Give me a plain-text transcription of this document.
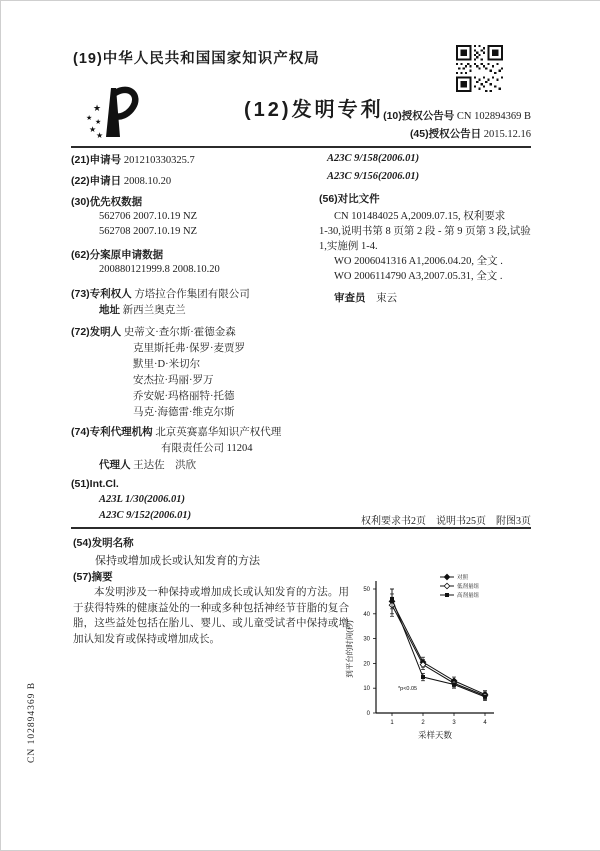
(19)中华人民共和国国家知识产权局
★
★ ★
★
★
(12)发明专利 (10)授权公告号 CN 102894369 B
(45)授权公告日 2015.12.16
(21)申请号 201210330325.7
(22)申请日 2008.10.20
(30)优先权数据
562706 2007.10.19 NZ
562708 2007.10.19 NZ
(62)分案原申请数据
200880121999.8 2008.10.20
(73)专利权人 方塔拉合作集团有限公司
地址 新西兰奥克兰
(72)发明人 史蒂文·查尔斯·霍德金森
克里斯托弗·保罗·麦贾罗
默里·D·米切尔
安杰拉·玛丽·罗万
乔安妮·玛格丽特·托德
马克·海德雷·维克尔斯
(74)专利代理机构 北京英赛嘉华知识产权代理
有限责任公司 11204
代理人 王达佐　洪欣
(51)Int.Cl.
A23L 1/30(2006.01)
A23C 9/152(2006.01)
A23C 9/158(2006.01)
A23C 9/156(2006.01)
(56)对比文件
CN 101484025 A,2009.07.15, 权利要求
1-30,说明书第 8 页第 2 段 - 第 9 页第 3 段,试验
1,实施例 1-4.
WO 2006041316 A1,2006.04.20, 全文 .
WO 2006114790 A3,2007.05.31, 全文 .
审查员 束云
权利要求书2页　说明书25页　附图3页
(54)发明名称
保持或增加成长或认知发育的方法
(57)摘要
本发明涉及一种保持或增加成长或认知发育的方法。用于获得特殊的健康益处的一种或多种包括神经节苷脂的复合脂，这些益处包括在胎儿、婴儿、或儿童受试者中保持或增加认知发育或保持或增加成长。
0
10
20
30
40
50
1	2	3	4
采样天数
到平台的时间(秒)
对照
低剂量组
高剂量组
*p<0.05
CN 102894369 B
